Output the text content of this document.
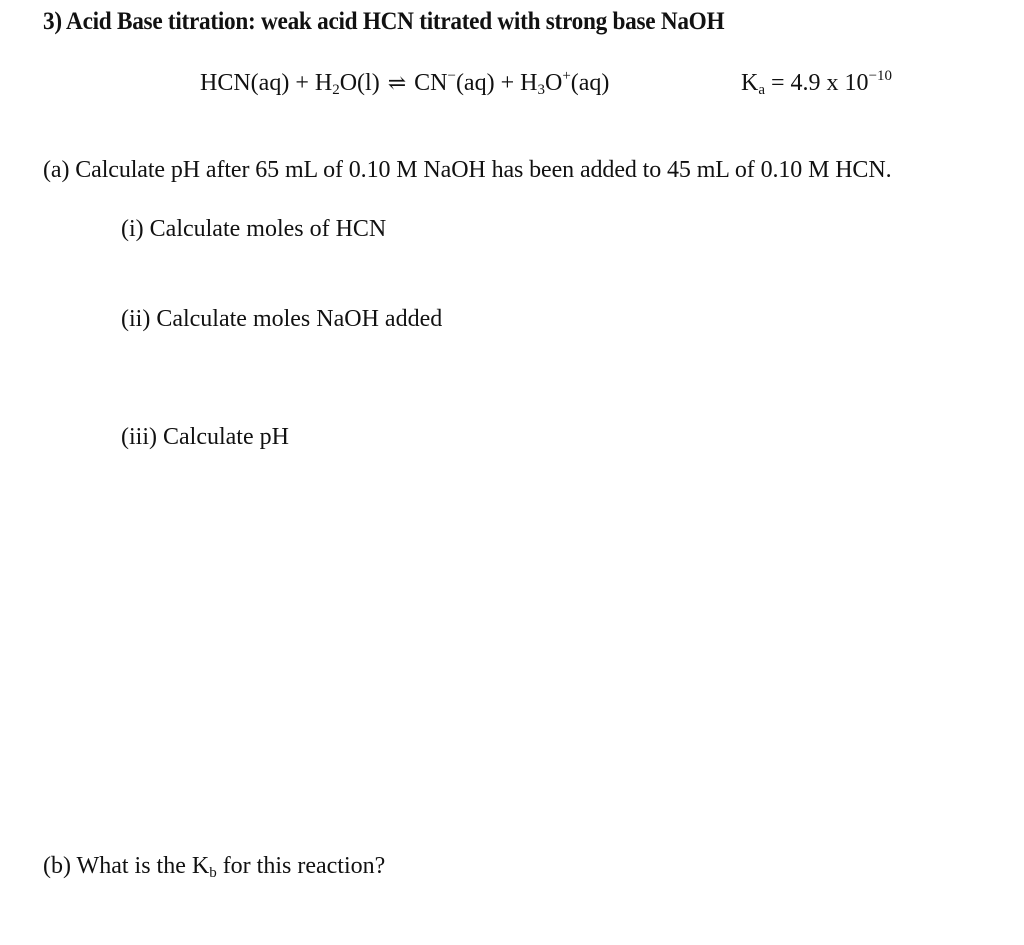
3) Acid Base titration: weak acid HCN titrated with strong base NaOH
$HCN(aq) + H_2O(l)$ ⇌ $CN^-(aq) + H_3O^+(aq)$	$K_a = 4.9$ x $10^{-10}$
(a) Calculate pH after 65 mL of 0.10 M NaOH has been added to 45 mL of 0.10 M HCN.
(i) Calculate moles of HCN
(ii) Calculate moles NaOH added
(iii) Calculate pH
(b) What is the $K_b$ for this reaction?
